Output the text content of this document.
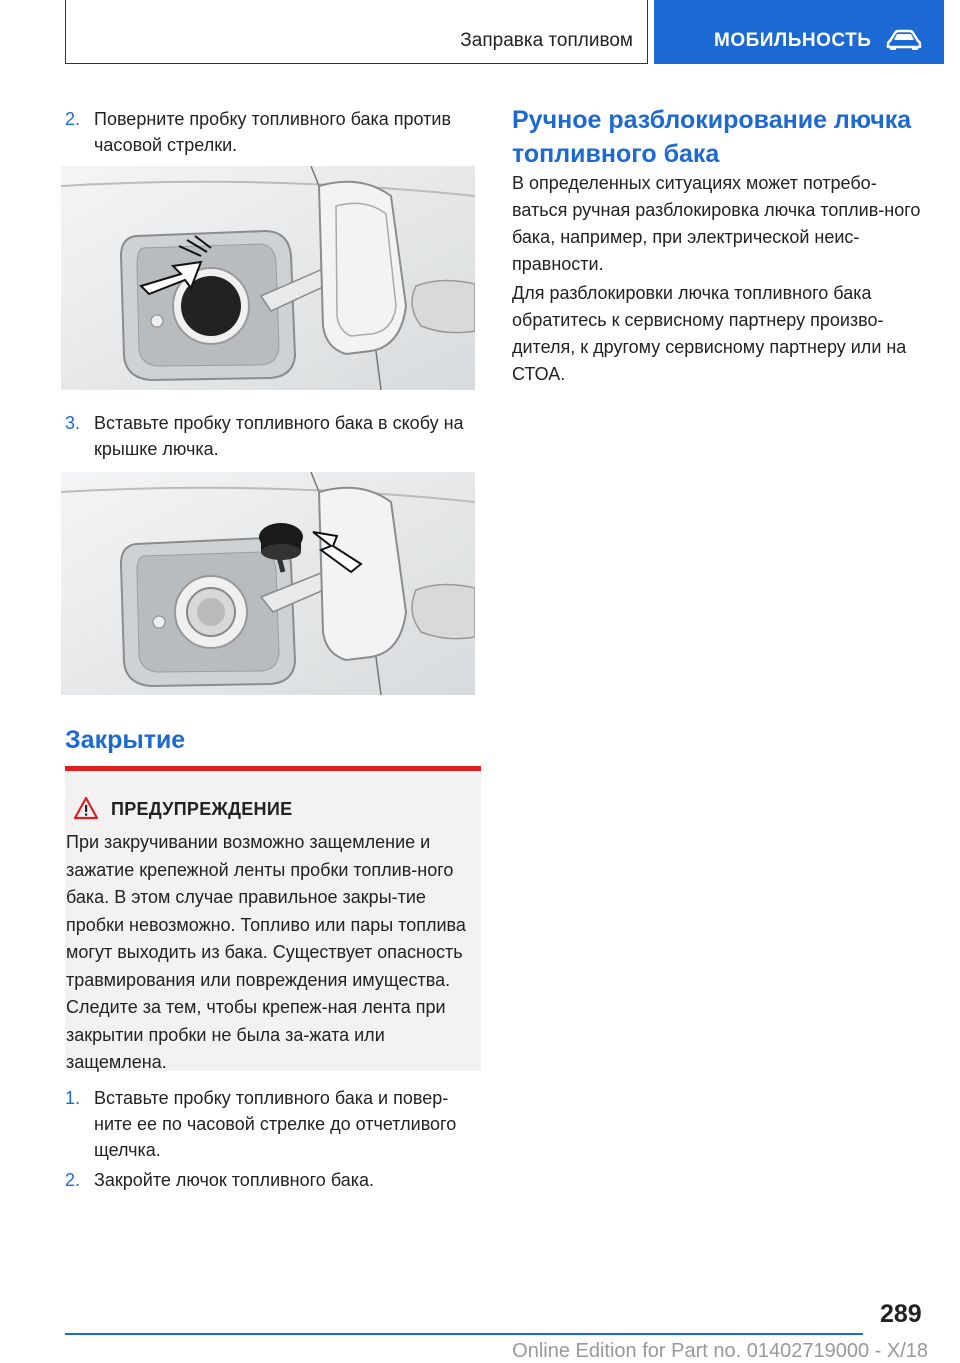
Заправка топливом	МОБИЛЬНОСТЬ
2. Поверните пробку топливного бака против часовой стрелки.
3. Вставьте пробку топливного бака в скобу на крышке лючка.
Закрытие
ПРЕДУПРЕЖДЕНИЕ
При закручивании возможно защемление и зажатие крепежной ленты пробки топлив-ного бака. В этом случае правильное закры-тие пробки невозможно. Топливо или пары топлива могут выходить из бака. Существует опасность травмирования или повреждения имущества. Следите за тем, чтобы крепеж-ная лента при закрытии пробки не была за-жата или защемлена.
1. Вставьте пробку топливного бака и повер-ните ее по часовой стрелке до отчетливого щелчка.
2. Закройте лючок топливного бака.
Ручное разблокирование лючка топливного бака

В определенных ситуациях может потребо-ваться ручная разблокировка лючка топлив-ного бака, например, при электрической неис-правности.

Для разблокировки лючка топливного бака обратитесь к сервисному партнеру произво-дителя, к другому сервисному партнеру или на СТОА.

289
Online Edition for Part no. 01402719000 - X/18
